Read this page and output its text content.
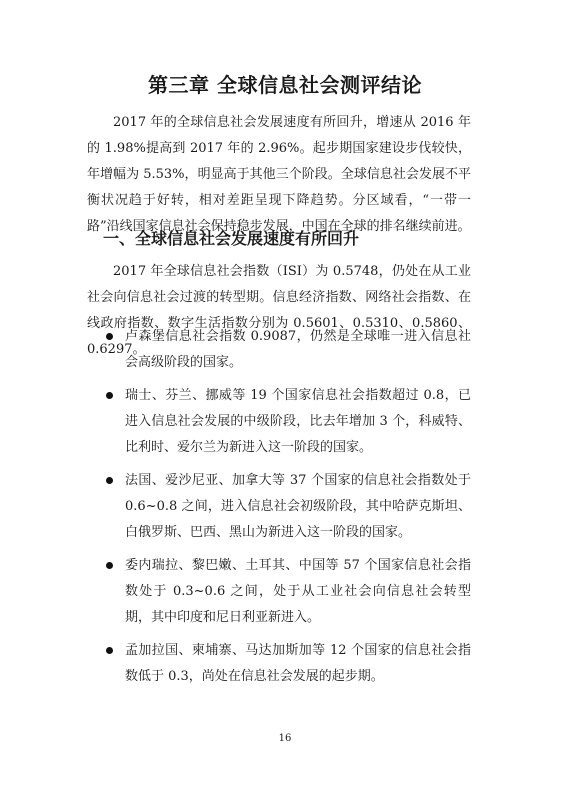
第三章 全球信息社会测评结论

2017 年的全球信息社会发展速度有所回升，增速从 2016 年的 1.98%提高到 2017 年的 2.96%。起步期国家建设步伐较快，年增幅为 5.53%，明显高于其他三个阶段。全球信息社会发展不平衡状况趋于好转，相对差距呈现下降趋势。分区域看，“一带一路”沿线国家信息社会保持稳步发展，中国在全球的排名继续前进。

一、全球信息社会发展速度有所回升

2017 年全球信息社会指数（ISI）为 0.5748，仍处在从工业社会向信息社会过渡的转型期。信息经济指数、网络社会指数、在线政府指数、数字生活指数分别为 0.5601、0.5310、0.5860、0.6297。

卢森堡信息社会指数 0.9087，仍然是全球唯一进入信息社会高级阶段的国家。
瑞士、芬兰、挪威等 19 个国家信息社会指数超过 0.8，已进入信息社会发展的中级阶段，比去年增加 3 个，科威特、比利时、爱尔兰为新进入这一阶段的国家。
法国、爱沙尼亚、加拿大等 37 个国家的信息社会指数处于 0.6~0.8 之间，进入信息社会初级阶段，其中哈萨克斯坦、白俄罗斯、巴西、黑山为新进入这一阶段的国家。
委内瑞拉、黎巴嫩、土耳其、中国等 57 个国家信息社会指数处于 0.3~0.6 之间，处于从工业社会向信息社会转型期，其中印度和尼日利亚新进入。
孟加拉国、柬埔寨、马达加斯加等 12 个国家的信息社会指数低于 0.3，尚处在信息社会发展的起步期。
16
